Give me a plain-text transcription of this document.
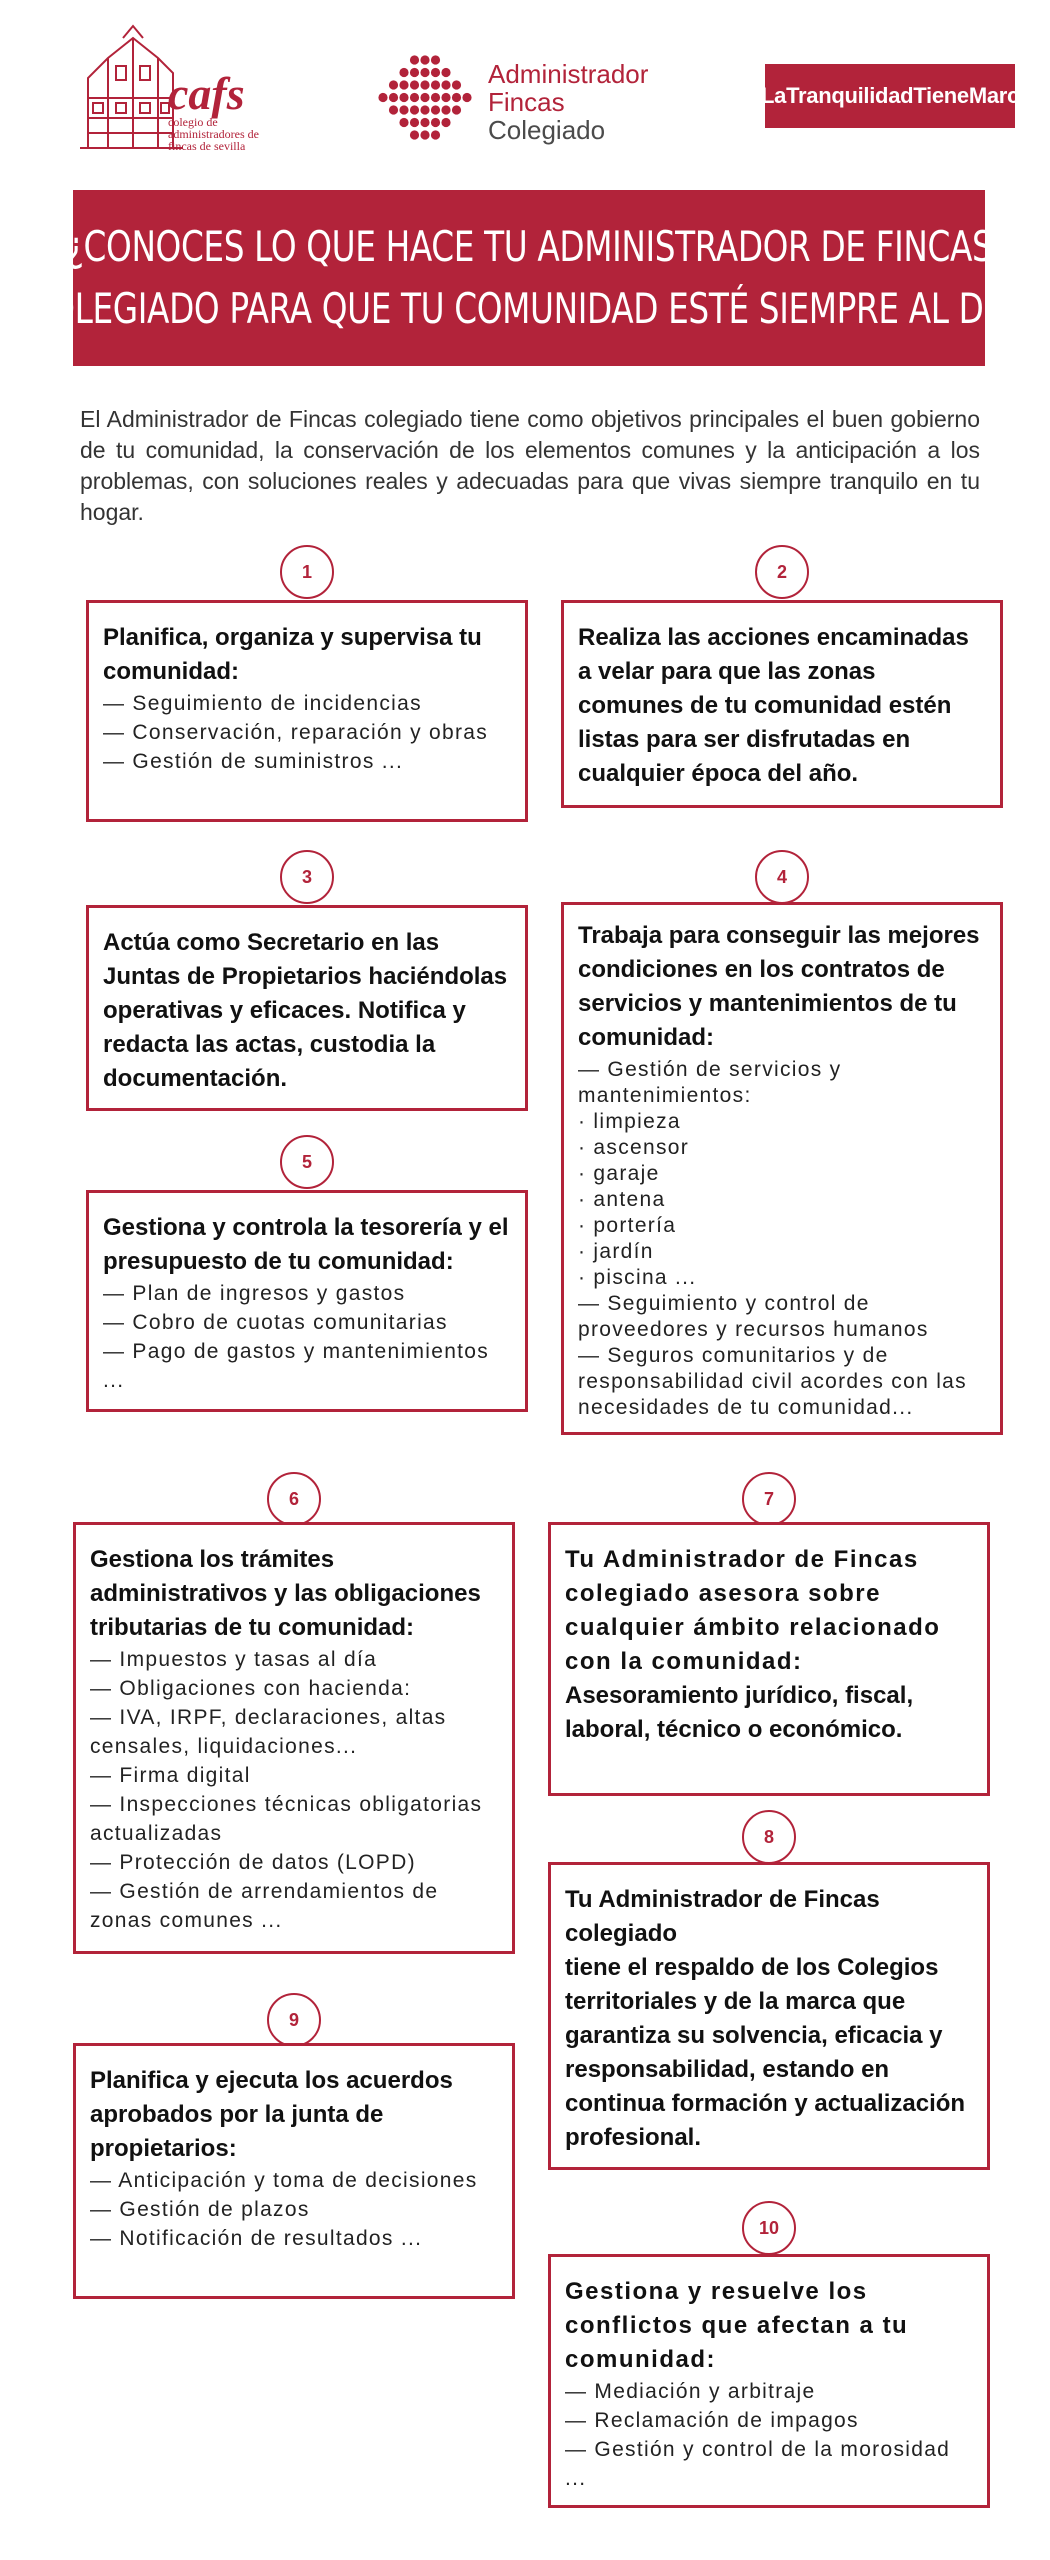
cafs
colegio de administradores de fincas de sevilla
Administrador
Fincas
Colegiado
#LaTranquilidadTieneMarca
¿CONOCES LO QUE HACE TU ADMINISTRADOR DE FINCAS
COLEGIADO PARA QUE TU COMUNIDAD ESTÉ SIEMPRE AL DÍA?
El Administrador de Fincas colegiado tiene como objetivos principales el buen gobierno de tu comunidad, la conservación de los elementos comunes y la anticipación a los problemas, con soluciones reales y adecuadas para que vivas siempre tranquilo en tu hogar.
1
Planifica, organiza y supervisa tu comunidad:
— Seguimiento de incidencias
— Conservación, reparación y obras
— Gestión de suministros ...
2
Realiza las acciones encaminadas a velar para que las zonas comunes de tu comunidad estén listas para ser disfrutadas en cualquier época del año.
3
Actúa como Secretario en las Juntas de Propietarios haciéndolas operativas y eficaces. Notifica y redacta las actas, custodia la documentación.
4
Trabaja para conseguir las mejores condiciones en los contratos de servicios y mantenimientos de tu comunidad:
— Gestión de servicios y mantenimientos:
· limpieza
· ascensor
· garaje
· antena
· portería
· jardín
· piscina ...
— Seguimiento y control de proveedores y recursos humanos
— Seguros comunitarios y de responsabilidad civil acordes con las necesidades de tu comunidad...
5
Gestiona y controla la tesorería y el presupuesto de tu comunidad:
— Plan de ingresos y gastos
— Cobro de cuotas comunitarias
— Pago de gastos y mantenimientos ...
6
Gestiona los trámites administrativos y las obligaciones tributarias de tu comunidad:
— Impuestos y tasas al día
— Obligaciones con hacienda:
— IVA, IRPF, declaraciones, altas censales, liquidaciones...
— Firma digital
— Inspecciones técnicas obligatorias actualizadas
— Protección de datos (LOPD)
— Gestión de arrendamientos de zonas comunes ...
7
Tu Administrador de Fincas colegiado asesora sobre cualquier ámbito relacionado con la comunidad:
Asesoramiento jurídico, fiscal, laboral, técnico o económico.
8
Tu Administrador de Fincas colegiado
tiene el respaldo de los Colegios territoriales y de la marca que garantiza su solvencia, eficacia y responsabilidad, estando en continua formación y actualización profesional.
9
Planifica y ejecuta los acuerdos aprobados por la junta de propietarios:
— Anticipación y toma de decisiones
— Gestión de plazos
— Notificación de resultados ...	10
Gestiona y resuelve los conflictos que afectan a tu comunidad:
— Mediación y arbitraje
— Reclamación de impagos
— Gestión y control de la morosidad ...
